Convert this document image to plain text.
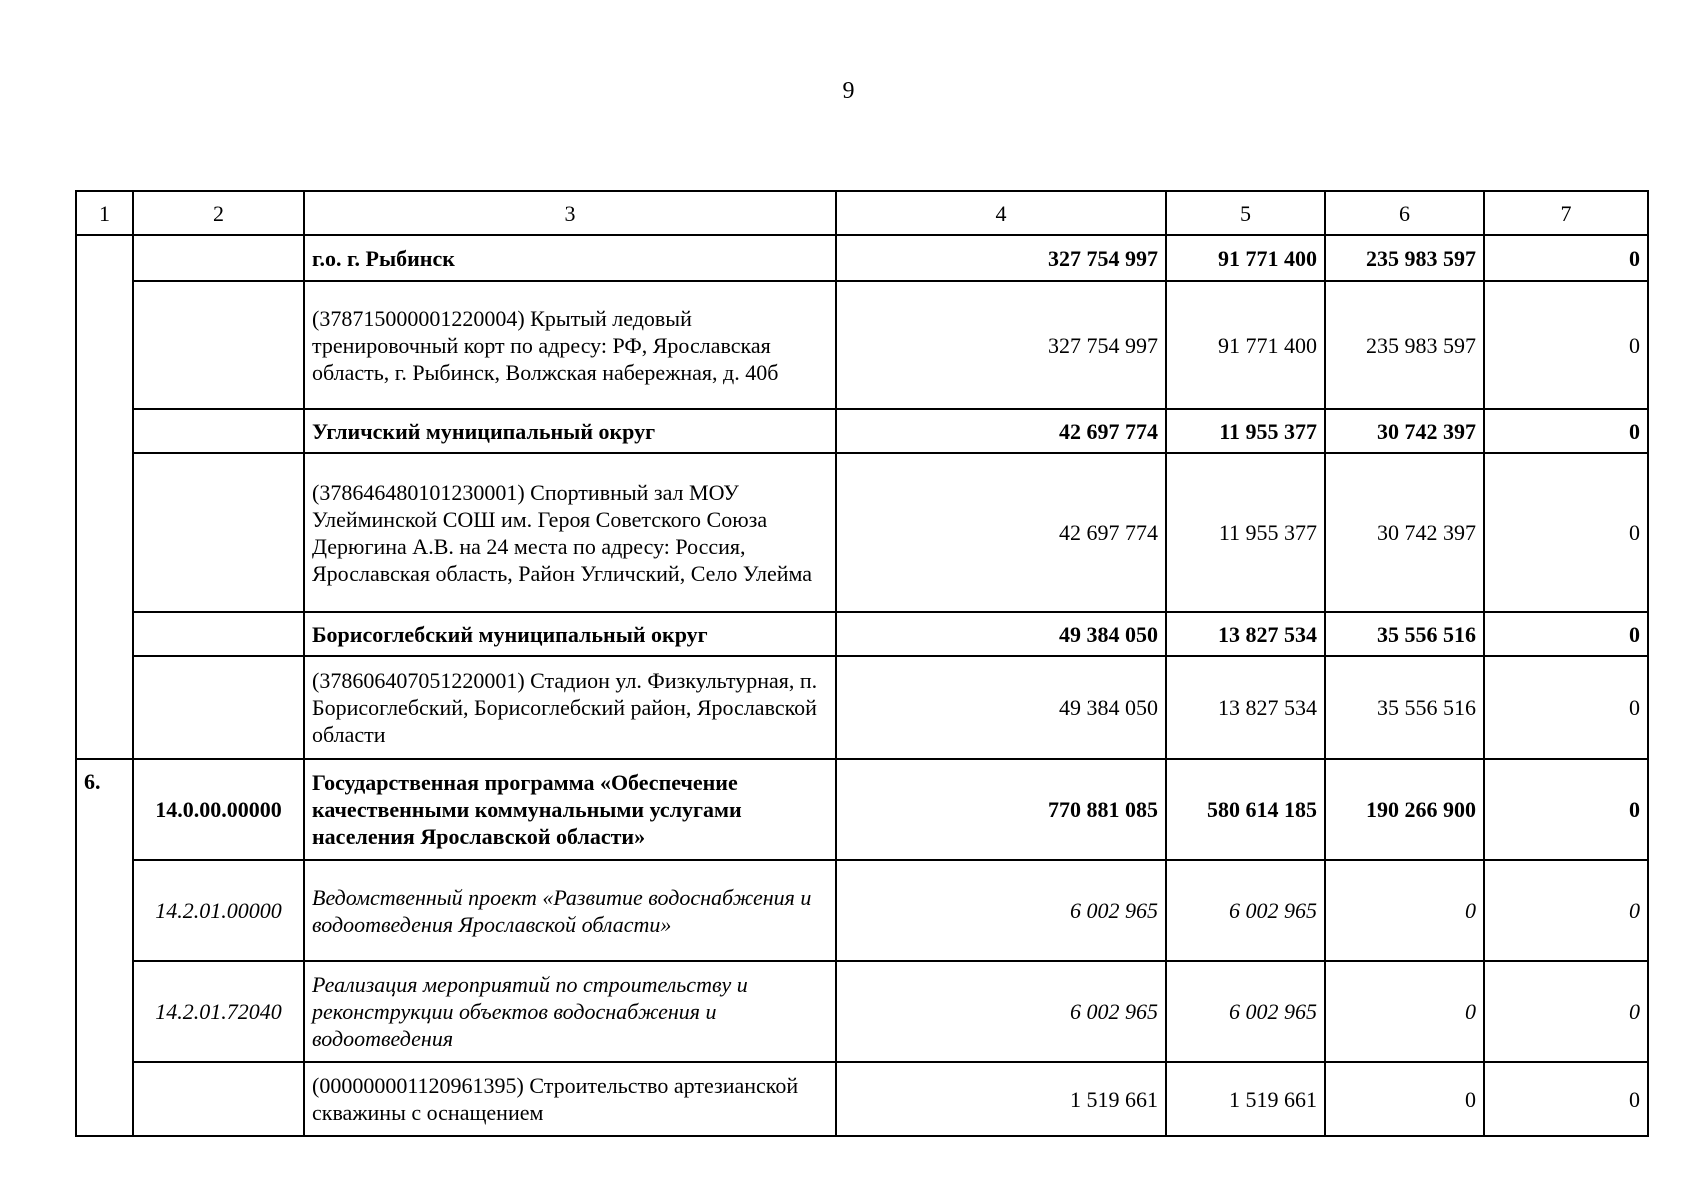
9
1	2	3	4	5	6	7
		г.о. г. Рыбинск	327 754 997	91 771 400	235 983 597	0
		(378715000001220004) Крытый ледовый тренировочный корт по адресу: РФ, Ярославская область, г. Рыбинск, Волжская набережная, д. 40б	327 754 997	91 771 400	235 983 597	0
		Угличский муниципальный округ	42 697 774	11 955 377	30 742 397	0
		(378646480101230001) Спортивный зал МОУ Улейминской СОШ им. Героя Советского Союза Дерюгина А.В. на 24 места по адресу: Россия, Ярославская область, Район Угличский, Село Улейма	42 697 774	11 955 377	30 742 397	0
		Борисоглебский муниципальный округ	49 384 050	13 827 534	35 556 516	0
		(378606407051220001) Стадион ул. Физкультурная, п. Борисоглебский, Борисоглебский район, Ярославской области	49 384 050	13 827 534	35 556 516	0
6.	14.0.00.00000	Государственная программа «Обеспечение качественными коммунальными услугами населения Ярославской области»	770 881 085	580 614 185	190 266 900	0
	14.2.01.00000	Ведомственный проект «Развитие водоснабжения и водоотведения Ярославской области»	6 002 965	6 002 965	0	0
	14.2.01.72040	Реализация мероприятий по строительству и реконструкции объектов водоснабжения и водоотведения	6 002 965	6 002 965	0	0
		(000000001120961395) Строительство артезианской скважины с оснащением	1 519 661	1 519 661	0	0
